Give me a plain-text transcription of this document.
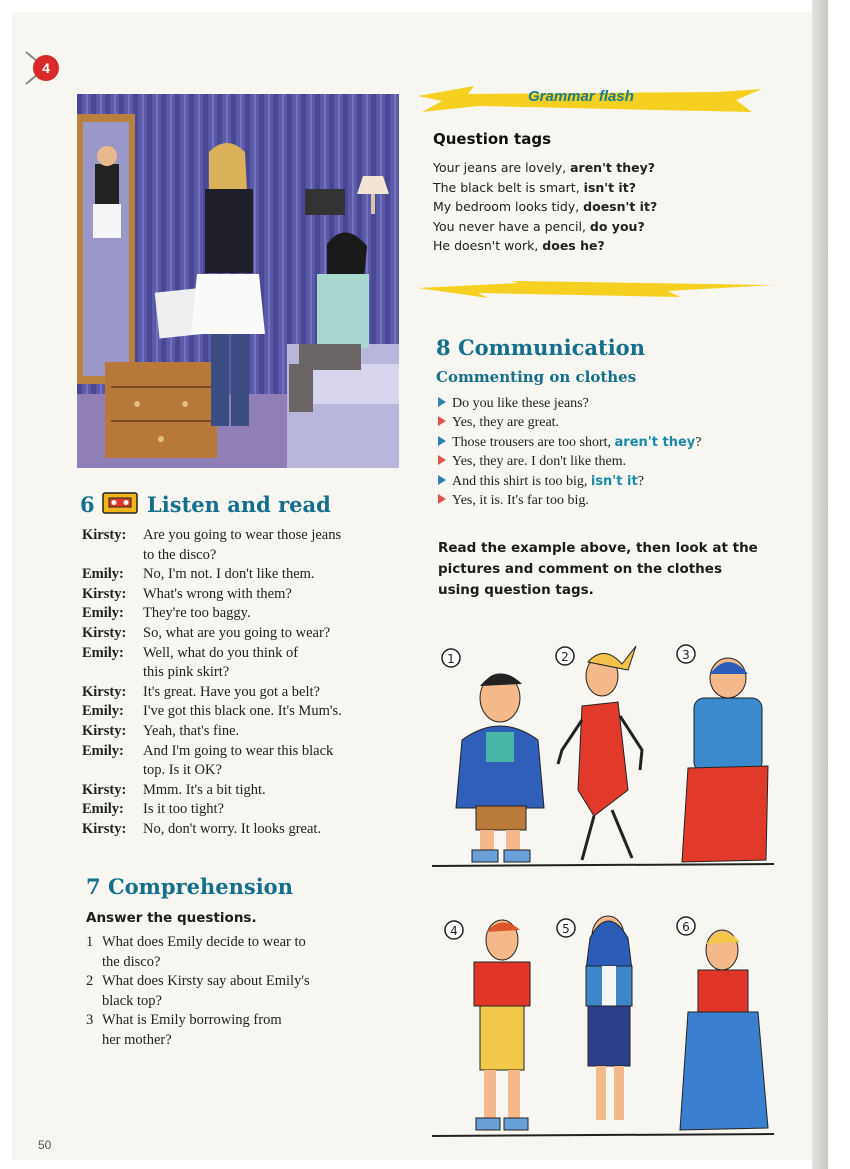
4
Grammar flash
Question tags
Your jeans are lovely, aren't they?
The black belt is smart, isn't it?
My bedroom looks tidy, doesn't it?
You never have a pencil, do you?
He doesn't work, does he?
8 Communication
Commenting on clothes
Do you like these jeans?
Yes, they are great.
Those trousers are too short, aren't they?
Yes, they are. I don't like them.
And this shirt is too big, isn't it?
Yes, it is. It's far too big.
Read the example above, then look at the pictures and comment on the clothes using question tags.
1	2	3
4	5	6
6 Listen and read
Kirsty: Are you going to wear those jeans
to the disco?
Emily: No, I'm not. I don't like them.
Kirsty: What's wrong with them?
Emily: They're too baggy.
Kirsty: So, what are you going to wear?
Emily: Well, what do you think of
this pink skirt?
Kirsty: It's great. Have you got a belt?
Emily: I've got this black one. It's Mum's.
Kirsty: Yeah, that's fine.
Emily: And I'm going to wear this black
top. Is it OK?
Kirsty: Mmm. It's a bit tight.
Emily: Is it too tight?
Kirsty: No, don't worry. It looks great.
7 Comprehension
Answer the questions.
1 What does Emily decide to wear to
the disco?
2 What does Kirsty say about Emily's
black top?
3 What is Emily borrowing from
her mother?
50
